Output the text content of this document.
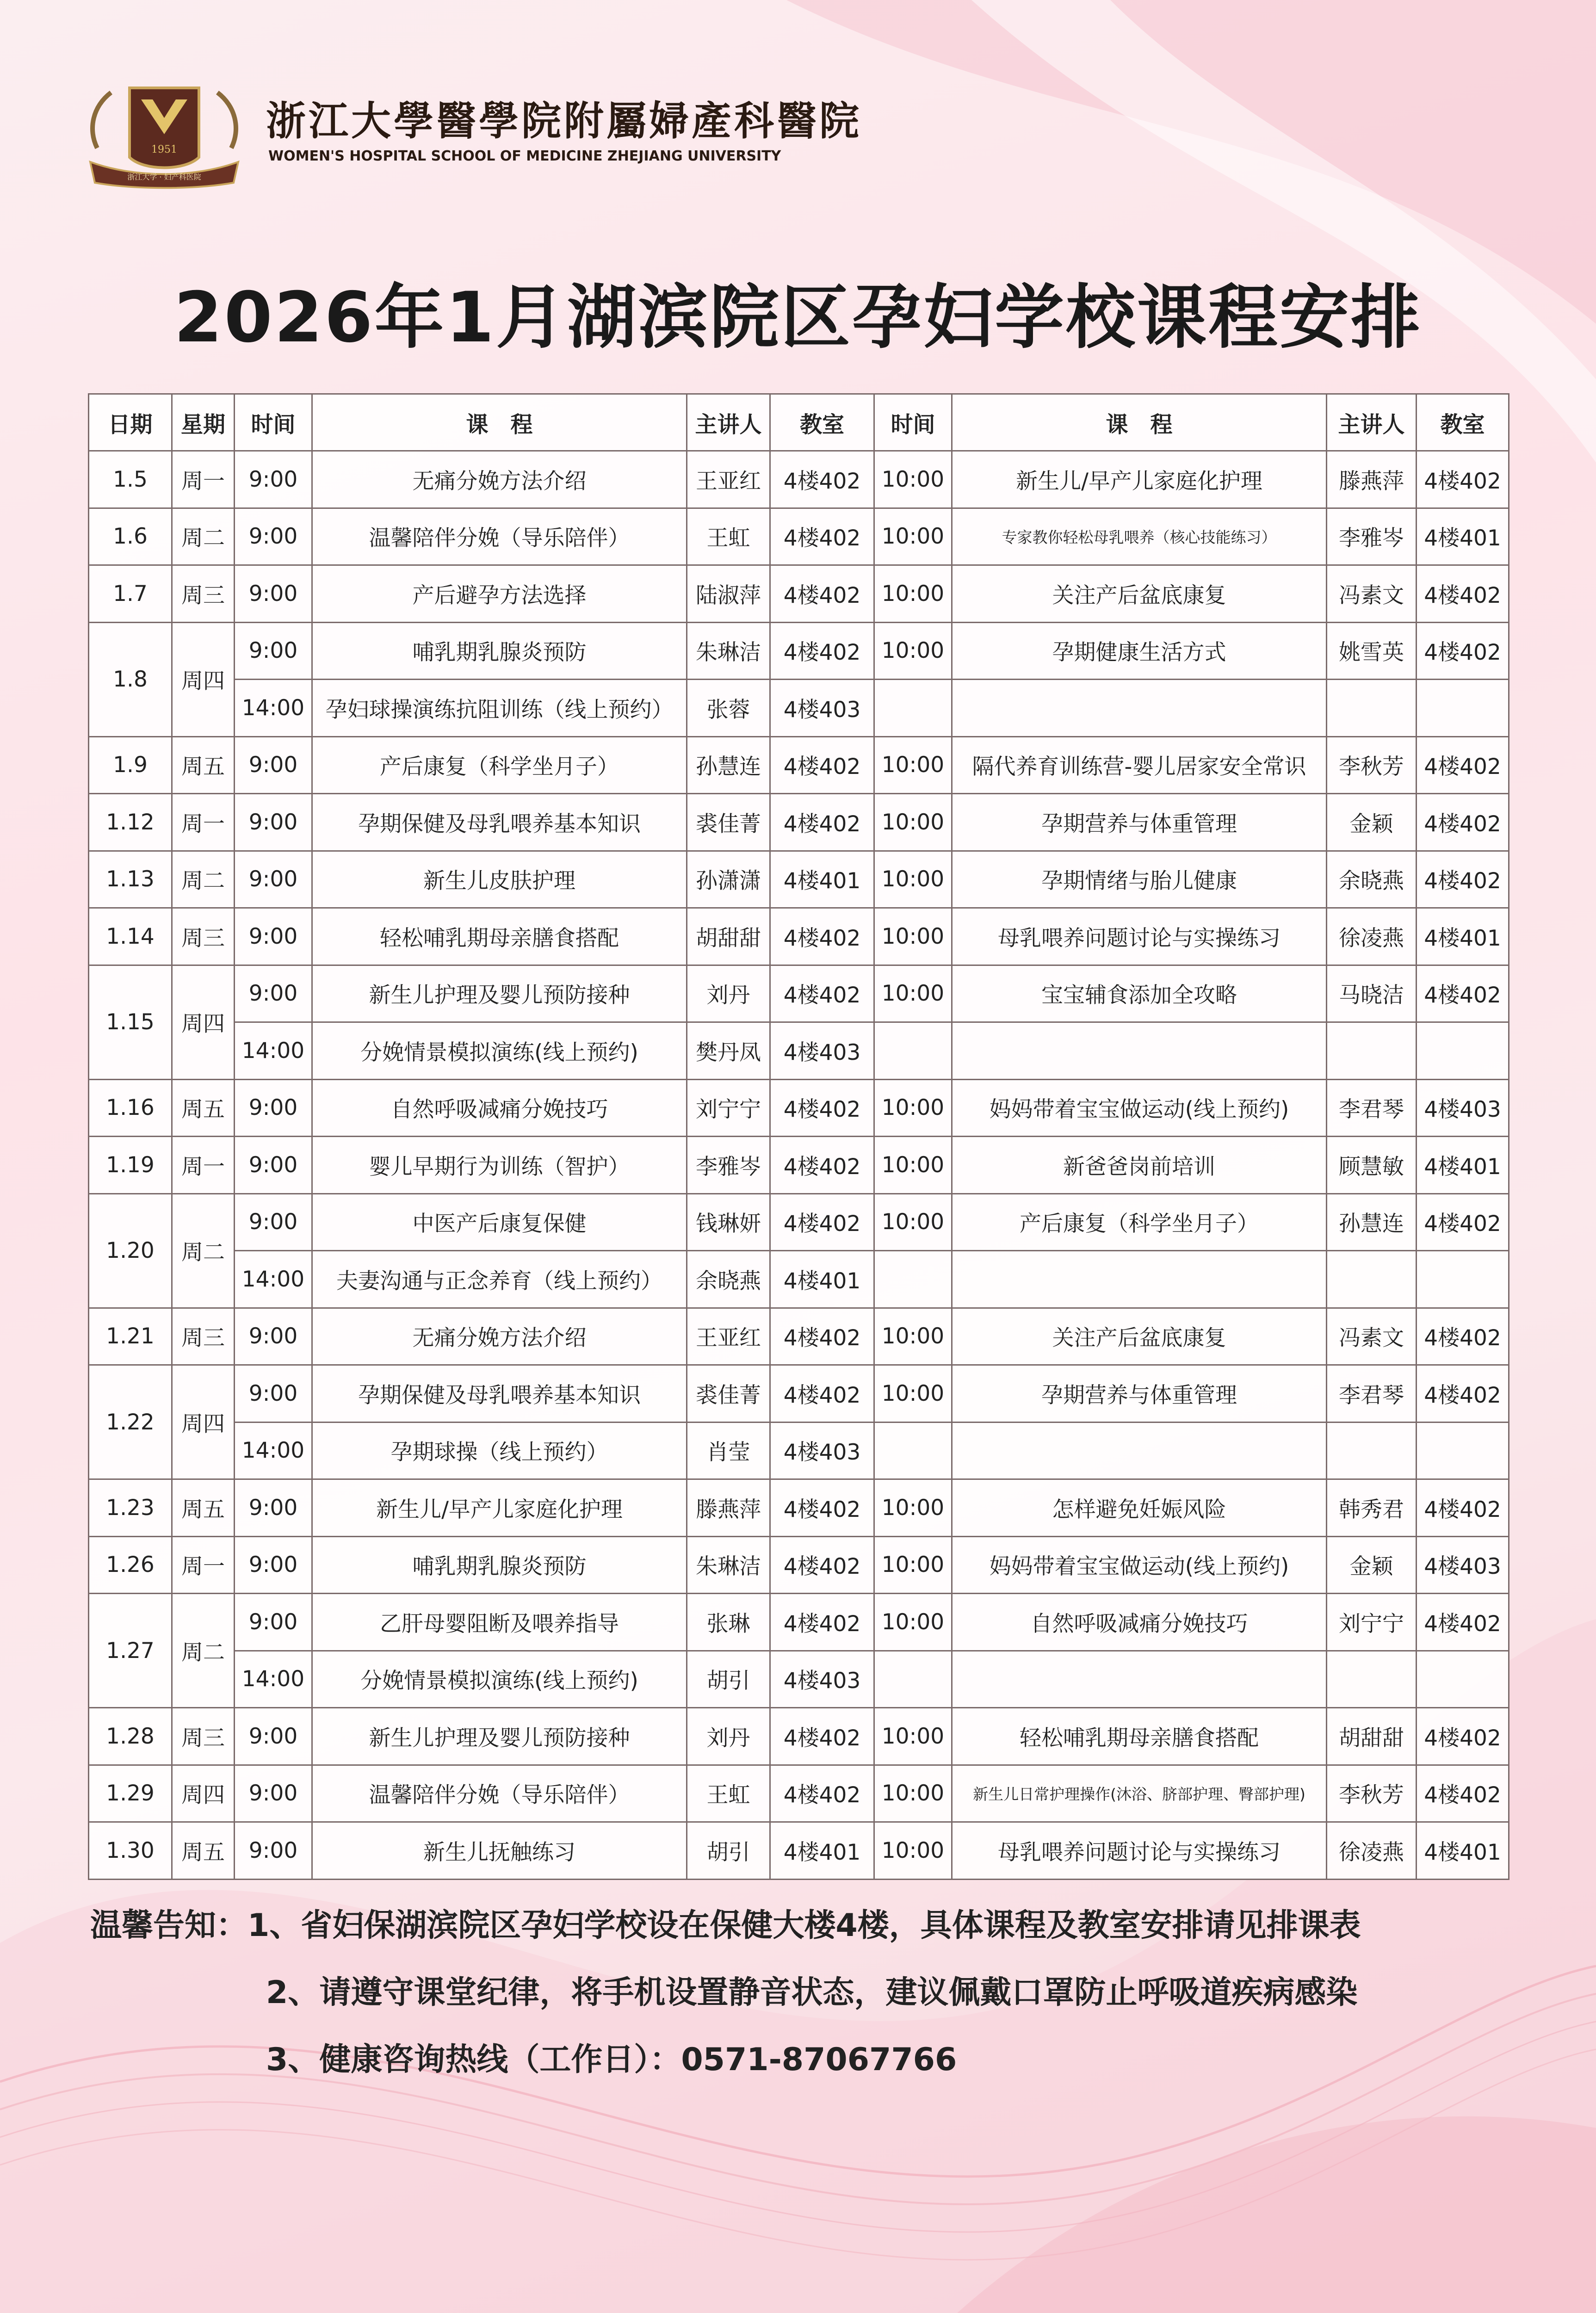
1951
浙江大学 · 妇产科医院
浙江大學醫學院附屬婦產科醫院
WOMEN'S HOSPITAL SCHOOL OF MEDICINE ZHEJIANG UNIVERSITY
2026年1月湖滨院区孕妇学校课程安排
日期	星期	时间	课　程	主讲人	教室	时间	课　程	主讲人	教室
1.5	周一	9:00	无痛分娩方法介绍	王亚红	4楼402	10:00	新生儿/早产儿家庭化护理	滕燕萍	4楼402
1.6	周二	9:00	温馨陪伴分娩（导乐陪伴）	王虹	4楼402	10:00	专家教你轻松母乳喂养（核心技能练习）	李雅岑	4楼401
1.7	周三	9:00	产后避孕方法选择	陆淑萍	4楼402	10:00	关注产后盆底康复	冯素文	4楼402
1.8	周四	9:00	哺乳期乳腺炎预防	朱琳洁	4楼402	10:00	孕期健康生活方式	姚雪英	4楼402
		14:00	孕妇球操演练抗阻训练（线上预约）	张蓉	4楼403				
1.9	周五	9:00	产后康复（科学坐月子）	孙慧连	4楼402	10:00	隔代养育训练营-婴儿居家安全常识	李秋芳	4楼402
1.12	周一	9:00	孕期保健及母乳喂养基本知识	裘佳菁	4楼402	10:00	孕期营养与体重管理	金颖	4楼402
1.13	周二	9:00	新生儿皮肤护理	孙潇潇	4楼401	10:00	孕期情绪与胎儿健康	余晓燕	4楼402
1.14	周三	9:00	轻松哺乳期母亲膳食搭配	胡甜甜	4楼402	10:00	母乳喂养问题讨论与实操练习	徐凌燕	4楼401
1.15	周四	9:00	新生儿护理及婴儿预防接种	刘丹	4楼402	10:00	宝宝辅食添加全攻略	马晓洁	4楼402
		14:00	分娩情景模拟演练(线上预约)	樊丹凤	4楼403				
1.16	周五	9:00	自然呼吸减痛分娩技巧	刘宁宁	4楼402	10:00	妈妈带着宝宝做运动(线上预约)	李君琴	4楼403
1.19	周一	9:00	婴儿早期行为训练（智护）	李雅岑	4楼402	10:00	新爸爸岗前培训	顾慧敏	4楼401
1.20	周二	9:00	中医产后康复保健	钱琳妍	4楼402	10:00	产后康复（科学坐月子）	孙慧连	4楼402
		14:00	夫妻沟通与正念养育（线上预约）	余晓燕	4楼401				
1.21	周三	9:00	无痛分娩方法介绍	王亚红	4楼402	10:00	关注产后盆底康复	冯素文	4楼402
1.22	周四	9:00	孕期保健及母乳喂养基本知识	裘佳菁	4楼402	10:00	孕期营养与体重管理	李君琴	4楼402
		14:00	孕期球操（线上预约）	肖莹	4楼403				
1.23	周五	9:00	新生儿/早产儿家庭化护理	滕燕萍	4楼402	10:00	怎样避免妊娠风险	韩秀君	4楼402
1.26	周一	9:00	哺乳期乳腺炎预防	朱琳洁	4楼402	10:00	妈妈带着宝宝做运动(线上预约)	金颖	4楼403
1.27	周二	9:00	乙肝母婴阻断及喂养指导	张琳	4楼402	10:00	自然呼吸减痛分娩技巧	刘宁宁	4楼402
		14:00	分娩情景模拟演练(线上预约)	胡引	4楼403				
1.28	周三	9:00	新生儿护理及婴儿预防接种	刘丹	4楼402	10:00	轻松哺乳期母亲膳食搭配	胡甜甜	4楼402
1.29	周四	9:00	温馨陪伴分娩（导乐陪伴）	王虹	4楼402	10:00	新生儿日常护理操作(沐浴、脐部护理、臀部护理)	李秋芳	4楼402
1.30	周五	9:00	新生儿抚触练习	胡引	4楼401	10:00	母乳喂养问题讨论与实操练习	徐凌燕	4楼401
温馨告知：1、省妇保湖滨院区孕妇学校设在保健大楼4楼，具体课程及教室安排请见排课表
2、请遵守课堂纪律，将手机设置静音状态，建议佩戴口罩防止呼吸道疾病感染
3、健康咨询热线（工作日）：0571-87067766
